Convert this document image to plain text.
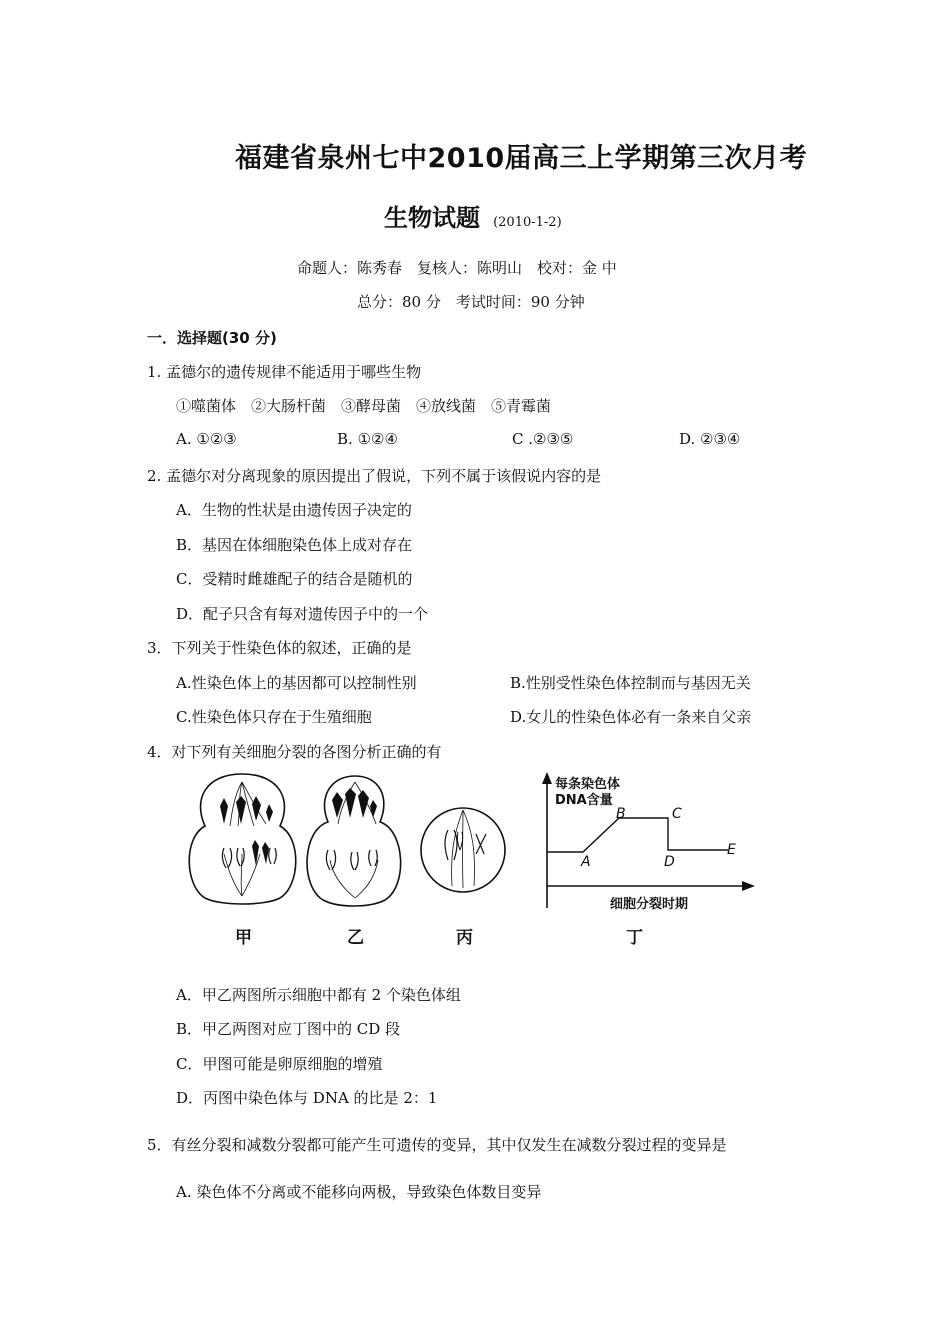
福建省泉州七中2010届高三上学期第三次月考
生物试题 (2010-1-2)
命题人：陈秀春　复核人：陈明山　校对：金 中
总分：80 分　考试时间：90 分钟
一．选择题(30 分)
1. 孟德尔的遗传规律不能适用于哪些生物
①噬菌体　②大肠杆菌　③酵母菌　④放线菌　⑤青霉菌
A. ①②③	B. ①②④	C .②③⑤	D. ②③④
2. 孟德尔对分离现象的原因提出了假说，下列不属于该假说内容的是
A．生物的性状是由遗传因子决定的
B．基因在体细胞染色体上成对存在
C．受精时雌雄配子的结合是随机的
D．配子只含有每对遗传因子中的一个
3．下列关于性染色体的叙述，正确的是
A.性染色体上的基因都可以控制性别	B.性别受性染色体控制而与基因无关
C.性染色体只存在于生殖细胞	D.女儿的性染色体必有一条来自父亲
4．对下列有关细胞分裂的各图分析正确的有
每条染色体
DNA含量
细胞分裂时期
A
B	C
D
E
甲	乙	丙	丁
A．甲乙两图所示细胞中都有 2 个染色体组
B．甲乙两图对应丁图中的 CD 段
C．甲图可能是卵原细胞的增殖
D．丙图中染色体与 DNA 的比是 2：1
5．有丝分裂和减数分裂都可能产生可遗传的变异，其中仅发生在减数分裂过程的变异是
A. 染色体不分离或不能移向两极，导致染色体数目变异
